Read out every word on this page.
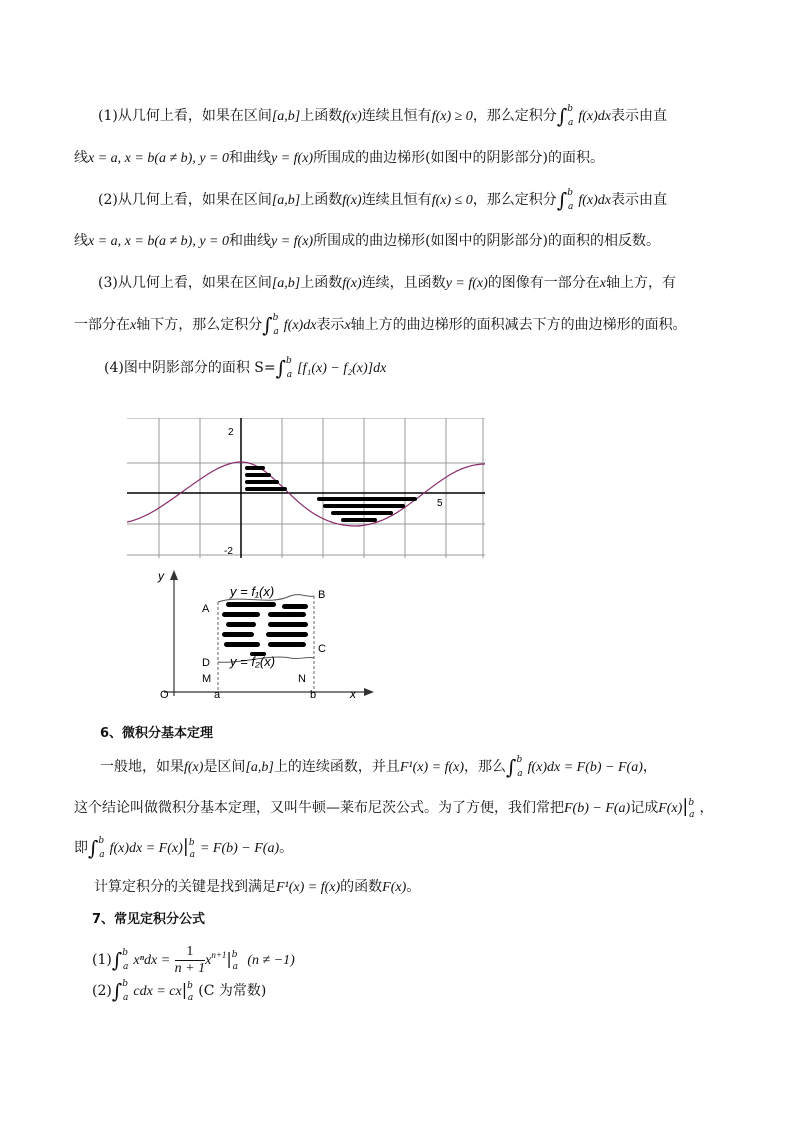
(1)从几何上看，如果在区间[a,b]上函数f(x)连续且恒有f(x) ≥ 0，那么定积分∫$^b_a$ f(x)dx表示由直
线x = a, x = b(a ≠ b), y = 0和曲线y = f(x)所围成的曲边梯形(如图中的阴影部分)的面积。
(2)从几何上看，如果在区间[a,b]上函数f(x)连续且恒有f(x) ≤ 0，那么定积分∫$^b_a$ f(x)dx表示由直
线x = a, x = b(a ≠ b), y = 0和曲线y = f(x)所围成的曲边梯形(如图中的阴影部分)的面积的相反数。
(3)从几何上看，如果在区间[a,b]上函数f(x)连续，且函数y = f(x)的图像有一部分在x轴上方，有
一部分在x轴下方，那么定积分∫$^b_a$ f(x)dx表示x轴上方的曲边梯形的面积减去下方的曲边梯形的面积。
(4)图中阴影部分的面积 S=∫$^b_a$ [f₁(x) − f₂(x)]dx
2
-2
5
y
x
O
y = f₁(x)
y = f₂(x)
A
B
C
D
M	N
a	b
6、微积分基本定理
一般地，如果f(x)是区间[a,b]上的连续函数，并且F¹(x) = f(x)，那么∫$^b_a$ f(x)dx = F(b) − F(a)，
这个结论叫做微积分基本定理，又叫牛顿—莱布尼茨公式。为了方便，我们常把F(b) − F(a)记成$F(x)|^b_a$ ，
即∫$^b_a$ $f(x)dx = F(x)|^b_a = F(b) - F(a)$。
计算定积分的关键是找到满足F¹(x) = f(x)的函数F(x)。
7、常见定积分公式
(1)∫$^b_a$ $x^ndx = \frac{1}{n + 1} x^{n+1}|^b_a$ (n ≠ −1)
(2)∫$^b_a$ cdx = $cx|^b_a$ (C 为常数)
